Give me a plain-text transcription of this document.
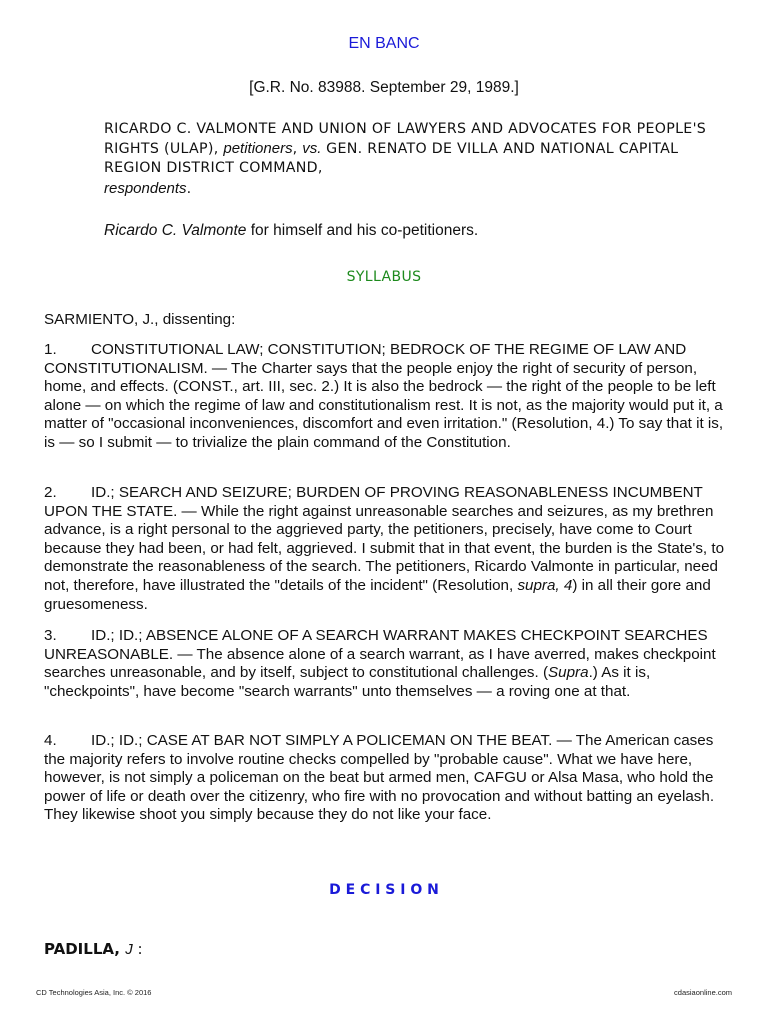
EN BANC
[G.R. No. 83988. September 29, 1989.]
RICARDO C. VALMONTE AND UNION OF LAWYERS AND ADVOCATES FOR PEOPLE'S RIGHTS (ULAP), petitioners, vs. GEN. RENATO DE VILLA AND NATIONAL CAPITAL REGION DISTRICT COMMAND,
respondents.
Ricardo C. Valmonte for himself and his co-petitioners.
SYLLABUS
SARMIENTO, J., dissenting:
1. CONSTITUTIONAL LAW; CONSTITUTION; BEDROCK OF THE REGIME OF LAW AND CONSTITUTIONALISM. — The Charter says that the people enjoy the right of security of person, home, and effects. (CONST., art. III, sec. 2.) It is also the bedrock — the right of the people to be left alone — on which the regime of law and constitutionalism rest. It is not, as the majority would put it, a matter of "occasional inconveniences, discomfort and even irritation." (Resolution, 4.) To say that it is, is — so I submit — to trivialize the plain command of the Constitution.
2. ID.; SEARCH AND SEIZURE; BURDEN OF PROVING REASONABLENESS INCUMBENT UPON THE STATE. — While the right against unreasonable searches and seizures, as my brethren advance, is a right personal to the aggrieved party, the petitioners, precisely, have come to Court because they had been, or had felt, aggrieved. I submit that in that event, the burden is the State's, to demonstrate the reasonableness of the search. The petitioners, Ricardo Valmonte in particular, need not, therefore, have illustrated the "details of the incident" (Resolution, supra, 4) in all their gore and gruesomeness.
3. ID.; ID.; ABSENCE ALONE OF A SEARCH WARRANT MAKES CHECKPOINT SEARCHES UNREASONABLE. — The absence alone of a search warrant, as I have averred, makes checkpoint searches unreasonable, and by itself, subject to constitutional challenges. (Supra.) As it is, "checkpoints", have become "search warrants" unto themselves — a roving one at that.
4. ID.; ID.; CASE AT BAR NOT SIMPLY A POLICEMAN ON THE BEAT. — The American cases the majority refers to involve routine checks compelled by "probable cause". What we have here, however, is not simply a policeman on the beat but armed men, CAFGU or Alsa Masa, who hold the power of life or death over the citizenry, who fire with no provocation and without batting an eyelash. They likewise shoot you simply because they do not like your face.
D E C I S I O N
PADILLA, J :
CD Technologies Asia, Inc. © 2016	cdasiaonline.com
